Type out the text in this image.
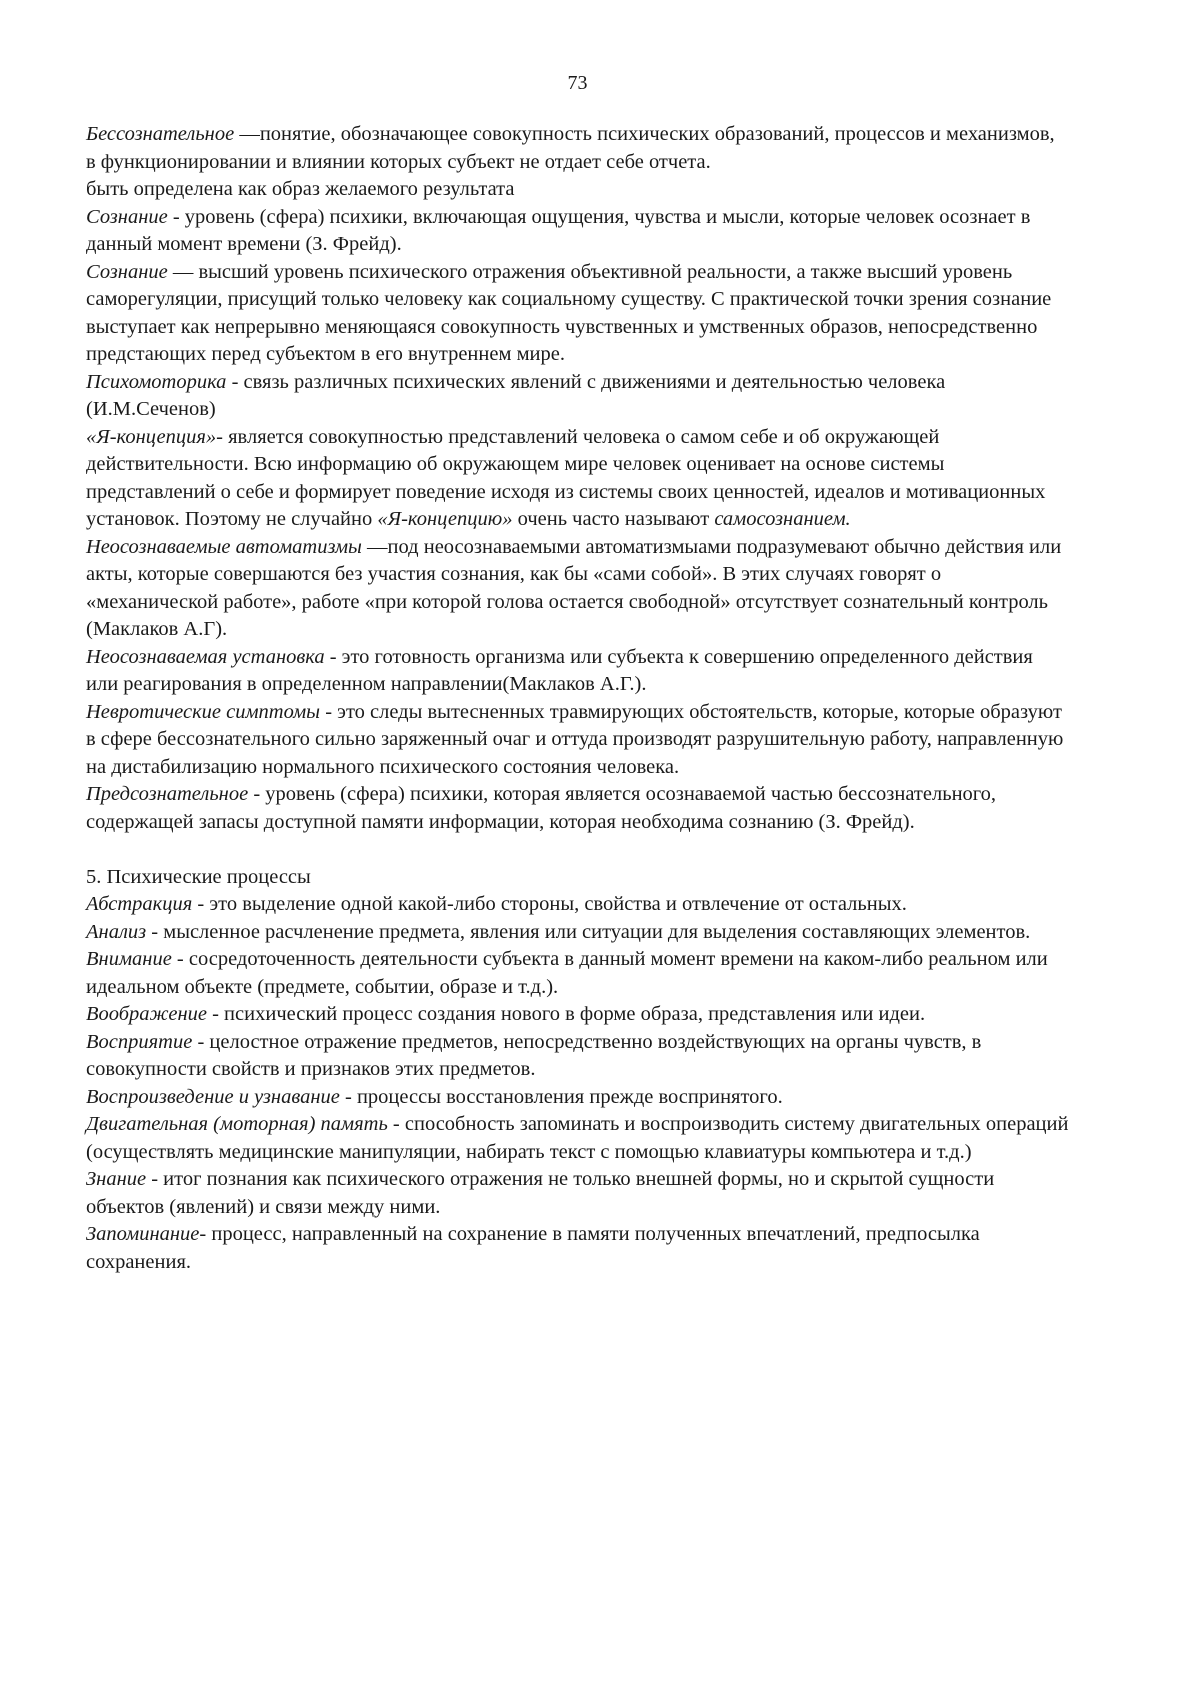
73

Бессознательное —понятие, обозначающее совокупность психических образований, процессов и механизмов, в функционировании и влиянии которых субъект не отдает себе отчета.

быть определена как образ желаемого результата

Сознание - уровень (сфера) психики, включающая ощущения, чувства и мысли, которые человек осознает в данный момент времени (З. Фрейд).

Сознание — высший уровень психического отражения объективной реальности, а также высший уровень саморегуляции, присущий только человеку как социальному существу. С практической точки зрения сознание выступает как непрерывно меняющаяся совокупность чувственных и умственных образов, непосредственно предстающих перед субъектом в его внутреннем мире.

Психомоторика - связь различных психических явлений с движениями и деятельностью человека (И.М.Сеченов)

«Я-концепция»- является совокупностью представлений человека о самом себе и об окружающей действительности. Всю информацию об окружающем мире человек оценивает на основе системы представлений о себе и формирует поведение исходя из системы своих ценностей, идеалов и мотивационных установок. Поэтому не случайно «Я-концепцию» очень часто называют самосознанием.

Неосознаваемые автоматизмы —под неосознаваемыми автоматизмыами подразумевают обычно действия или акты, которые совершаются без участия сознания, как бы «сами собой». В этих случаях говорят о «механической работе», работе «при которой голова остается свободной» отсутствует сознательный контроль (Маклаков А.Г).

Неосознаваемая установка - это готовность организма или субъекта к совершению определенного действия или реагирования в определенном направлении(Маклаков А.Г.).

Невротические симптомы - это следы вытесненных травмирующих обстоятельств, которые, которые образуют в сфере бессознательного сильно заряженный очаг и оттуда производят разрушительную работу, направленную на дистабилизацию нормального психического состояния человека.

Предсознательное - уровень (сфера) психики, которая является осознаваемой частью бессознательного, содержащей запасы доступной памяти информации, которая необходима сознанию (З. Фрейд).

5. Психические процессы

Абстракция - это выделение одной какой-либо стороны, свойства и отвлечение от остальных.

Анализ - мысленное расчленение предмета, явления или ситуации для выделения составляющих элементов.

Внимание - сосредоточенность деятельности субъекта в данный момент времени на каком-либо реальном или идеальном объекте (предмете, событии, образе и т.д.).

Воображение - психический процесс создания нового в форме образа, представления или идеи.

Восприятие - целостное отражение предметов, непосредственно воздействующих на органы чувств, в совокупности свойств и признаков этих предметов.

Воспроизведение и узнавание - процессы восстановления прежде воспринятого.

Двигательная (моторная) память - способность запоминать и воспроизводить систему двигательных операций (осуществлять медицинские манипуляции, набирать текст с помощью клавиатуры компьютера и т.д.)

Знание - итог познания как психического отражения не только внешней формы, но и скрытой сущности объектов (явлений) и связи между ними.

Запоминание- процесс, направленный на сохранение в памяти полученных впечатлений, предпосылка сохранения.
